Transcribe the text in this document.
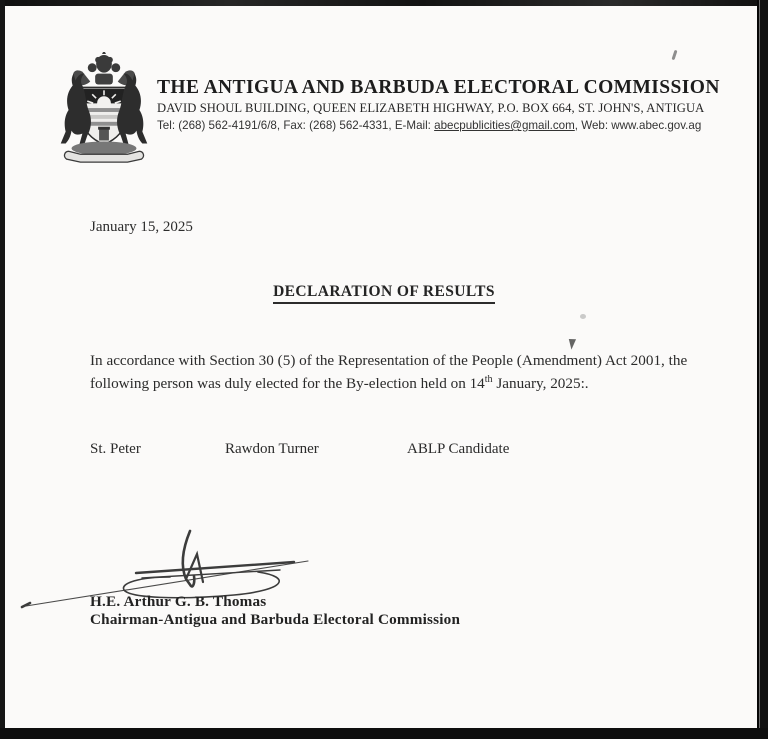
THE ANTIGUA AND BARBUDA ELECTORAL COMMISSION
DAVID SHOUL BUILDING, QUEEN ELIZABETH HIGHWAY, P.O. BOX 664, ST. JOHN'S, ANTIGUA
Tel: (268) 562-4191/6/8, Fax: (268) 562-4331, E-Mail: abecpublicities@gmail.com, Web: www.abec.gov.ag
January 15, 2025
DECLARATION OF RESULTS
In accordance with Section 30 (5) of the Representation of the People (Amendment) Act 2001, the following person was duly elected for the By-election held on 14th January, 2025:.
St. Peter	Rawdon Turner	ABLP Candidate
H.E. Arthur G. B. Thomas
Chairman-Antigua and Barbuda Electoral Commission
